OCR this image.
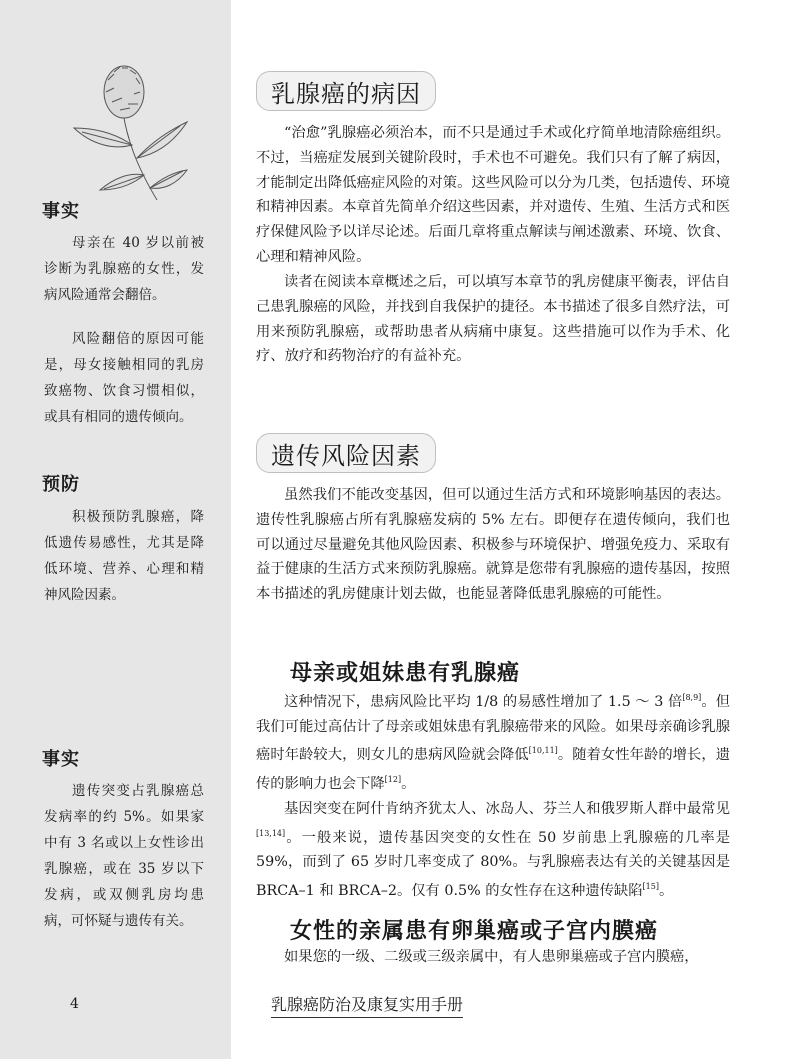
事实

母亲在 40 岁以前被诊断为乳腺癌的女性，发病风险通常会翻倍。

风险翻倍的原因可能是，母女接触相同的乳房致癌物、饮食习惯相似，或具有相同的遗传倾向。

预防

积极预防乳腺癌，降低遗传易感性，尤其是降低环境、营养、心理和精神风险因素。

事实

遗传突变占乳腺癌总发病率的约 5%。如果家中有 3 名或以上女性诊出乳腺癌，或在 35 岁以下发病，或双侧乳房均患病，可怀疑与遗传有关。

4
乳腺癌的病因

“治愈”乳腺癌必须治本，而不只是通过手术或化疗简单地清除癌组织。不过，当癌症发展到关键阶段时，手术也不可避免。我们只有了解了病因，才能制定出降低癌症风险的对策。这些风险可以分为几类，包括遗传、环境和精神因素。本章首先简单介绍这些因素，并对遗传、生殖、生活方式和医疗保健风险予以详尽论述。后面几章将重点解读与阐述激素、环境、饮食、心理和精神风险。

读者在阅读本章概述之后，可以填写本章节的乳房健康平衡表，评估自己患乳腺癌的风险，并找到自我保护的捷径。本书描述了很多自然疗法，可用来预防乳腺癌，或帮助患者从病痛中康复。这些措施可以作为手术、化疗、放疗和药物治疗的有益补充。

遗传风险因素

虽然我们不能改变基因，但可以通过生活方式和环境影响基因的表达。遗传性乳腺癌占所有乳腺癌发病的 5% 左右。即便存在遗传倾向，我们也可以通过尽量避免其他风险因素、积极参与环境保护、增强免疫力、采取有益于健康的生活方式来预防乳腺癌。就算是您带有乳腺癌的遗传基因，按照本书描述的乳房健康计划去做，也能显著降低患乳腺癌的可能性。

母亲或姐妹患有乳腺癌

这种情况下，患病风险比平均 1/8 的易感性增加了 1.5 ～ 3 倍[8,9]。但我们可能过高估计了母亲或姐妹患有乳腺癌带来的风险。如果母亲确诊乳腺癌时年龄较大，则女儿的患病风险就会降低[10,11]。随着女性年龄的增长，遗传的影响力也会下降[12]。

基因突变在阿什肯纳齐犹太人、冰岛人、芬兰人和俄罗斯人群中最常见[13,14]。一般来说，遗传基因突变的女性在 50 岁前患上乳腺癌的几率是 59%，而到了 65 岁时几率变成了 80%。与乳腺癌表达有关的关键基因是 BRCA–1 和 BRCA–2。仅有 0.5% 的女性存在这种遗传缺陷[15]。

女性的亲属患有卵巢癌或子宫内膜癌

如果您的一级、二级或三级亲属中，有人患卵巢癌或子宫内膜癌，

乳腺癌防治及康复实用手册
